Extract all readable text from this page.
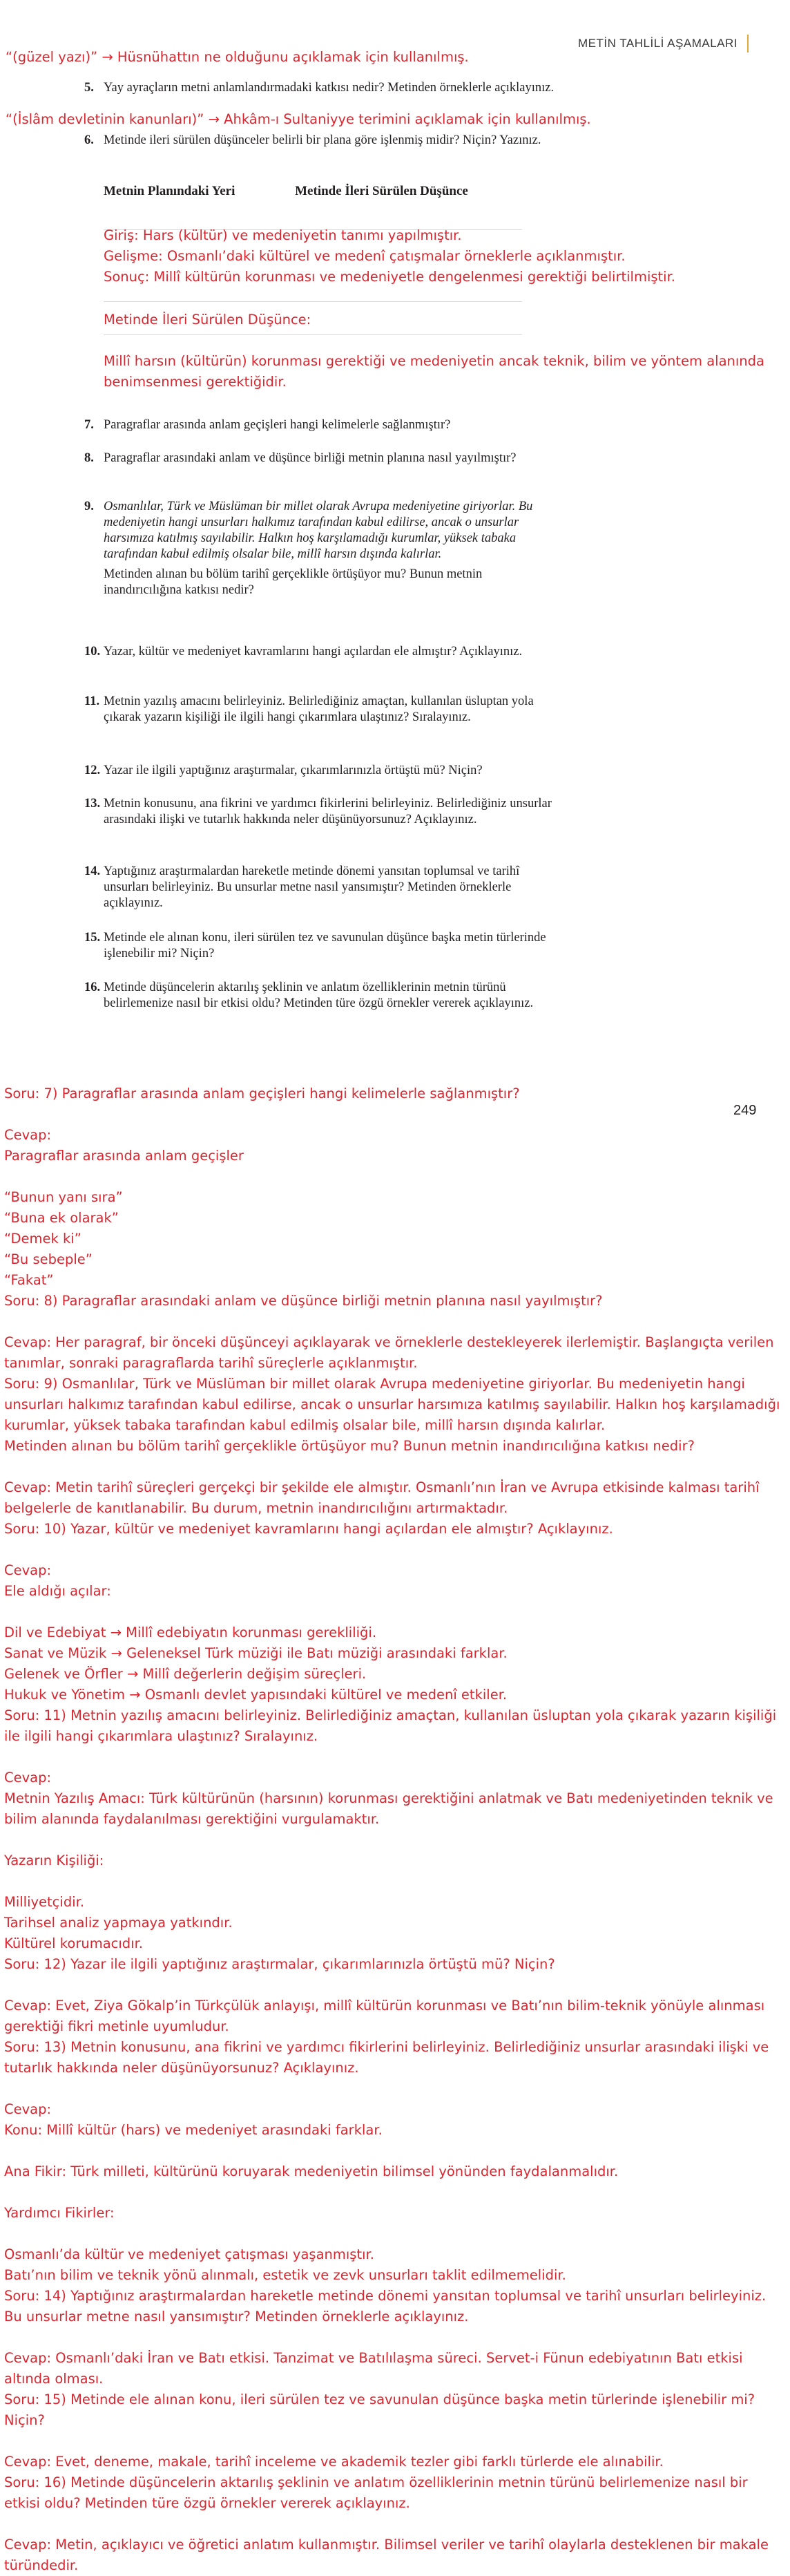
METİN TAHLİLİ AŞAMALARI

“(güzel yazı)” → Hüsnühattın ne olduğunu açıklamak için kullanılmış.

“(İslâm devletinin kanunları)” → Ahkâm-ı Sultaniyye terimini açıklamak için kullanılmış.

5. Yay ayraçların metni anlamlandırmadaki katkısı nedir? Metinden örneklerle açıklayınız.
6. Metinde ileri sürülen düşünceler belirli bir plana göre işlenmiş midir? Niçin? Yazınız.
Metnin Planındaki Yeri	Metinde İleri Sürülen Düşünce
Giriş: Hars (kültür) ve medeniyetin tanımı yapılmıştır.
Gelişme: Osmanlı’daki kültürel ve medenî çatışmalar örneklerle açıklanmıştır.
Sonuç: Millî kültürün korunması ve medeniyetle dengelenmesi gerektiği belirtilmiştir.
Metinde İleri Sürülen Düşünce:
Millî harsın (kültürün) korunması gerektiği ve medeniyetin ancak teknik, bilim ve yöntem alanında benimsenmesi gerektiğidir.
7. Paragraflar arasında anlam geçişleri hangi kelimelerle sağlanmıştır?
8. Paragraflar arasındaki anlam ve düşünce birliği metnin planına nasıl yayılmıştır?
9. Osmanlılar, Türk ve Müslüman bir millet olarak Avrupa medeniyetine giriyorlar. Bu medeniyetin hangi unsurları halkımız tarafından kabul edilirse, ancak o unsurlar harsımıza katılmış sayılabilir. Halkın hoş karşılamadığı kurumlar, yüksek tabaka tarafından kabul edilmiş olsalar bile, millî harsın dışında kalırlar.
Metinden alınan bu bölüm tarihî gerçeklikle örtüşüyor mu? Bunun metnin inandırıcılığına katkısı nedir?
10. Yazar, kültür ve medeniyet kavramlarını hangi açılardan ele almıştır? Açıklayınız.
11. Metnin yazılış amacını belirleyiniz. Belirlediğiniz amaçtan, kullanılan üsluptan yola çıkarak yazarın kişiliği ile ilgili hangi çıkarımlara ulaştınız? Sıralayınız.
12. Yazar ile ilgili yaptığınız araştırmalar, çıkarımlarınızla örtüştü mü? Niçin?
13. Metnin konusunu, ana fikrini ve yardımcı fikirlerini belirleyiniz. Belirlediğiniz unsurlar arasındaki ilişki ve tutarlık hakkında neler düşünüyorsunuz? Açıklayınız.
14. Yaptığınız araştırmalardan hareketle metinde dönemi yansıtan toplumsal ve tarihî unsurları belirleyiniz. Bu unsurlar metne nasıl yansımıştır? Metinden örneklerle açıklayınız.
15. Metinde ele alınan konu, ileri sürülen tez ve savunulan düşünce başka metin türlerinde işlenebilir mi? Niçin?
16. Metinde düşüncelerin aktarılış şeklinin ve anlatım özelliklerinin metnin türünü belirlemenize nasıl bir etkisi oldu? Metinden türe özgü örnekler vererek açıklayınız.
249
Soru: 7) Paragraflar arasında anlam geçişleri hangi kelimelerle sağlanmıştır?

Cevap:
Paragraflar arasında anlam geçişler

“Bunun yanı sıra”
“Buna ek olarak”
“Demek ki”
“Bu sebeple”
“Fakat”
Soru: 8) Paragraflar arasındaki anlam ve düşünce birliği metnin planına nasıl yayılmıştır?

Cevap: Her paragraf, bir önceki düşünceyi açıklayarak ve örneklerle destekleyerek ilerlemiştir. Başlangıçta verilen tanımlar, sonraki paragraflarda tarihî süreçlerle açıklanmıştır.
Soru: 9) Osmanlılar, Türk ve Müslüman bir millet olarak Avrupa medeniyetine giriyorlar. Bu medeniyetin hangi unsurları halkımız tarafından kabul edilirse, ancak o unsurlar harsımıza katılmış sayılabilir. Halkın hoş karşılamadığı kurumlar, yüksek tabaka tarafından kabul edilmiş olsalar bile, millî harsın dışında kalırlar.
Metinden alınan bu bölüm tarihî gerçeklikle örtüşüyor mu? Bunun metnin inandırıcılığına katkısı nedir?

Cevap: Metin tarihî süreçleri gerçekçi bir şekilde ele almıştır. Osmanlı’nın İran ve Avrupa etkisinde kalması tarihî belgelerle de kanıtlanabilir. Bu durum, metnin inandırıcılığını artırmaktadır.
Soru: 10) Yazar, kültür ve medeniyet kavramlarını hangi açılardan ele almıştır? Açıklayınız.

Cevap:
Ele aldığı açılar:

Dil ve Edebiyat → Millî edebiyatın korunması gerekliliği.
Sanat ve Müzik → Geleneksel Türk müziği ile Batı müziği arasındaki farklar.
Gelenek ve Örfler → Millî değerlerin değişim süreçleri.
Hukuk ve Yönetim → Osmanlı devlet yapısındaki kültürel ve medenî etkiler.
Soru: 11) Metnin yazılış amacını belirleyiniz. Belirlediğiniz amaçtan, kullanılan üsluptan yola çıkarak yazarın kişiliği ile ilgili hangi çıkarımlara ulaştınız? Sıralayınız.

Cevap:
Metnin Yazılış Amacı: Türk kültürünün (harsının) korunması gerektiğini anlatmak ve Batı medeniyetinden teknik ve bilim alanında faydalanılması gerektiğini vurgulamaktır.

Yazarın Kişiliği:

Milliyetçidir.
Tarihsel analiz yapmaya yatkındır.
Kültürel korumacıdır.
Soru: 12) Yazar ile ilgili yaptığınız araştırmalar, çıkarımlarınızla örtüştü mü? Niçin?

Cevap: Evet, Ziya Gökalp’in Türkçülük anlayışı, millî kültürün korunması ve Batı’nın bilim-teknik yönüyle alınması gerektiği fikri metinle uyumludur.
Soru: 13) Metnin konusunu, ana fikrini ve yardımcı fikirlerini belirleyiniz. Belirlediğiniz unsurlar arasındaki ilişki ve tutarlık hakkında neler düşünüyorsunuz? Açıklayınız.

Cevap:
Konu: Millî kültür (hars) ve medeniyet arasındaki farklar.

Ana Fikir: Türk milleti, kültürünü koruyarak medeniyetin bilimsel yönünden faydalanmalıdır.

Yardımcı Fikirler:

Osmanlı’da kültür ve medeniyet çatışması yaşanmıştır.
Batı’nın bilim ve teknik yönü alınmalı, estetik ve zevk unsurları taklit edilmemelidir.
Soru: 14) Yaptığınız araştırmalardan hareketle metinde dönemi yansıtan toplumsal ve tarihî unsurları belirleyiniz. Bu unsurlar metne nasıl yansımıştır? Metinden örneklerle açıklayınız.

Cevap: Osmanlı’daki İran ve Batı etkisi. Tanzimat ve Batılılaşma süreci. Servet-i Fünun edebiyatının Batı etkisi altında olması.
Soru: 15) Metinde ele alınan konu, ileri sürülen tez ve savunulan düşünce başka metin türlerinde işlenebilir mi? Niçin?

Cevap: Evet, deneme, makale, tarihî inceleme ve akademik tezler gibi farklı türlerde ele alınabilir.
Soru: 16) Metinde düşüncelerin aktarılış şeklinin ve anlatım özelliklerinin metnin türünü belirlemenize nasıl bir etkisi oldu? Metinden türe özgü örnekler vererek açıklayınız.

Cevap: Metin, açıklayıcı ve öğretici anlatım kullanmıştır. Bilimsel veriler ve tarihî olaylarla desteklenen bir makale türündedir.
